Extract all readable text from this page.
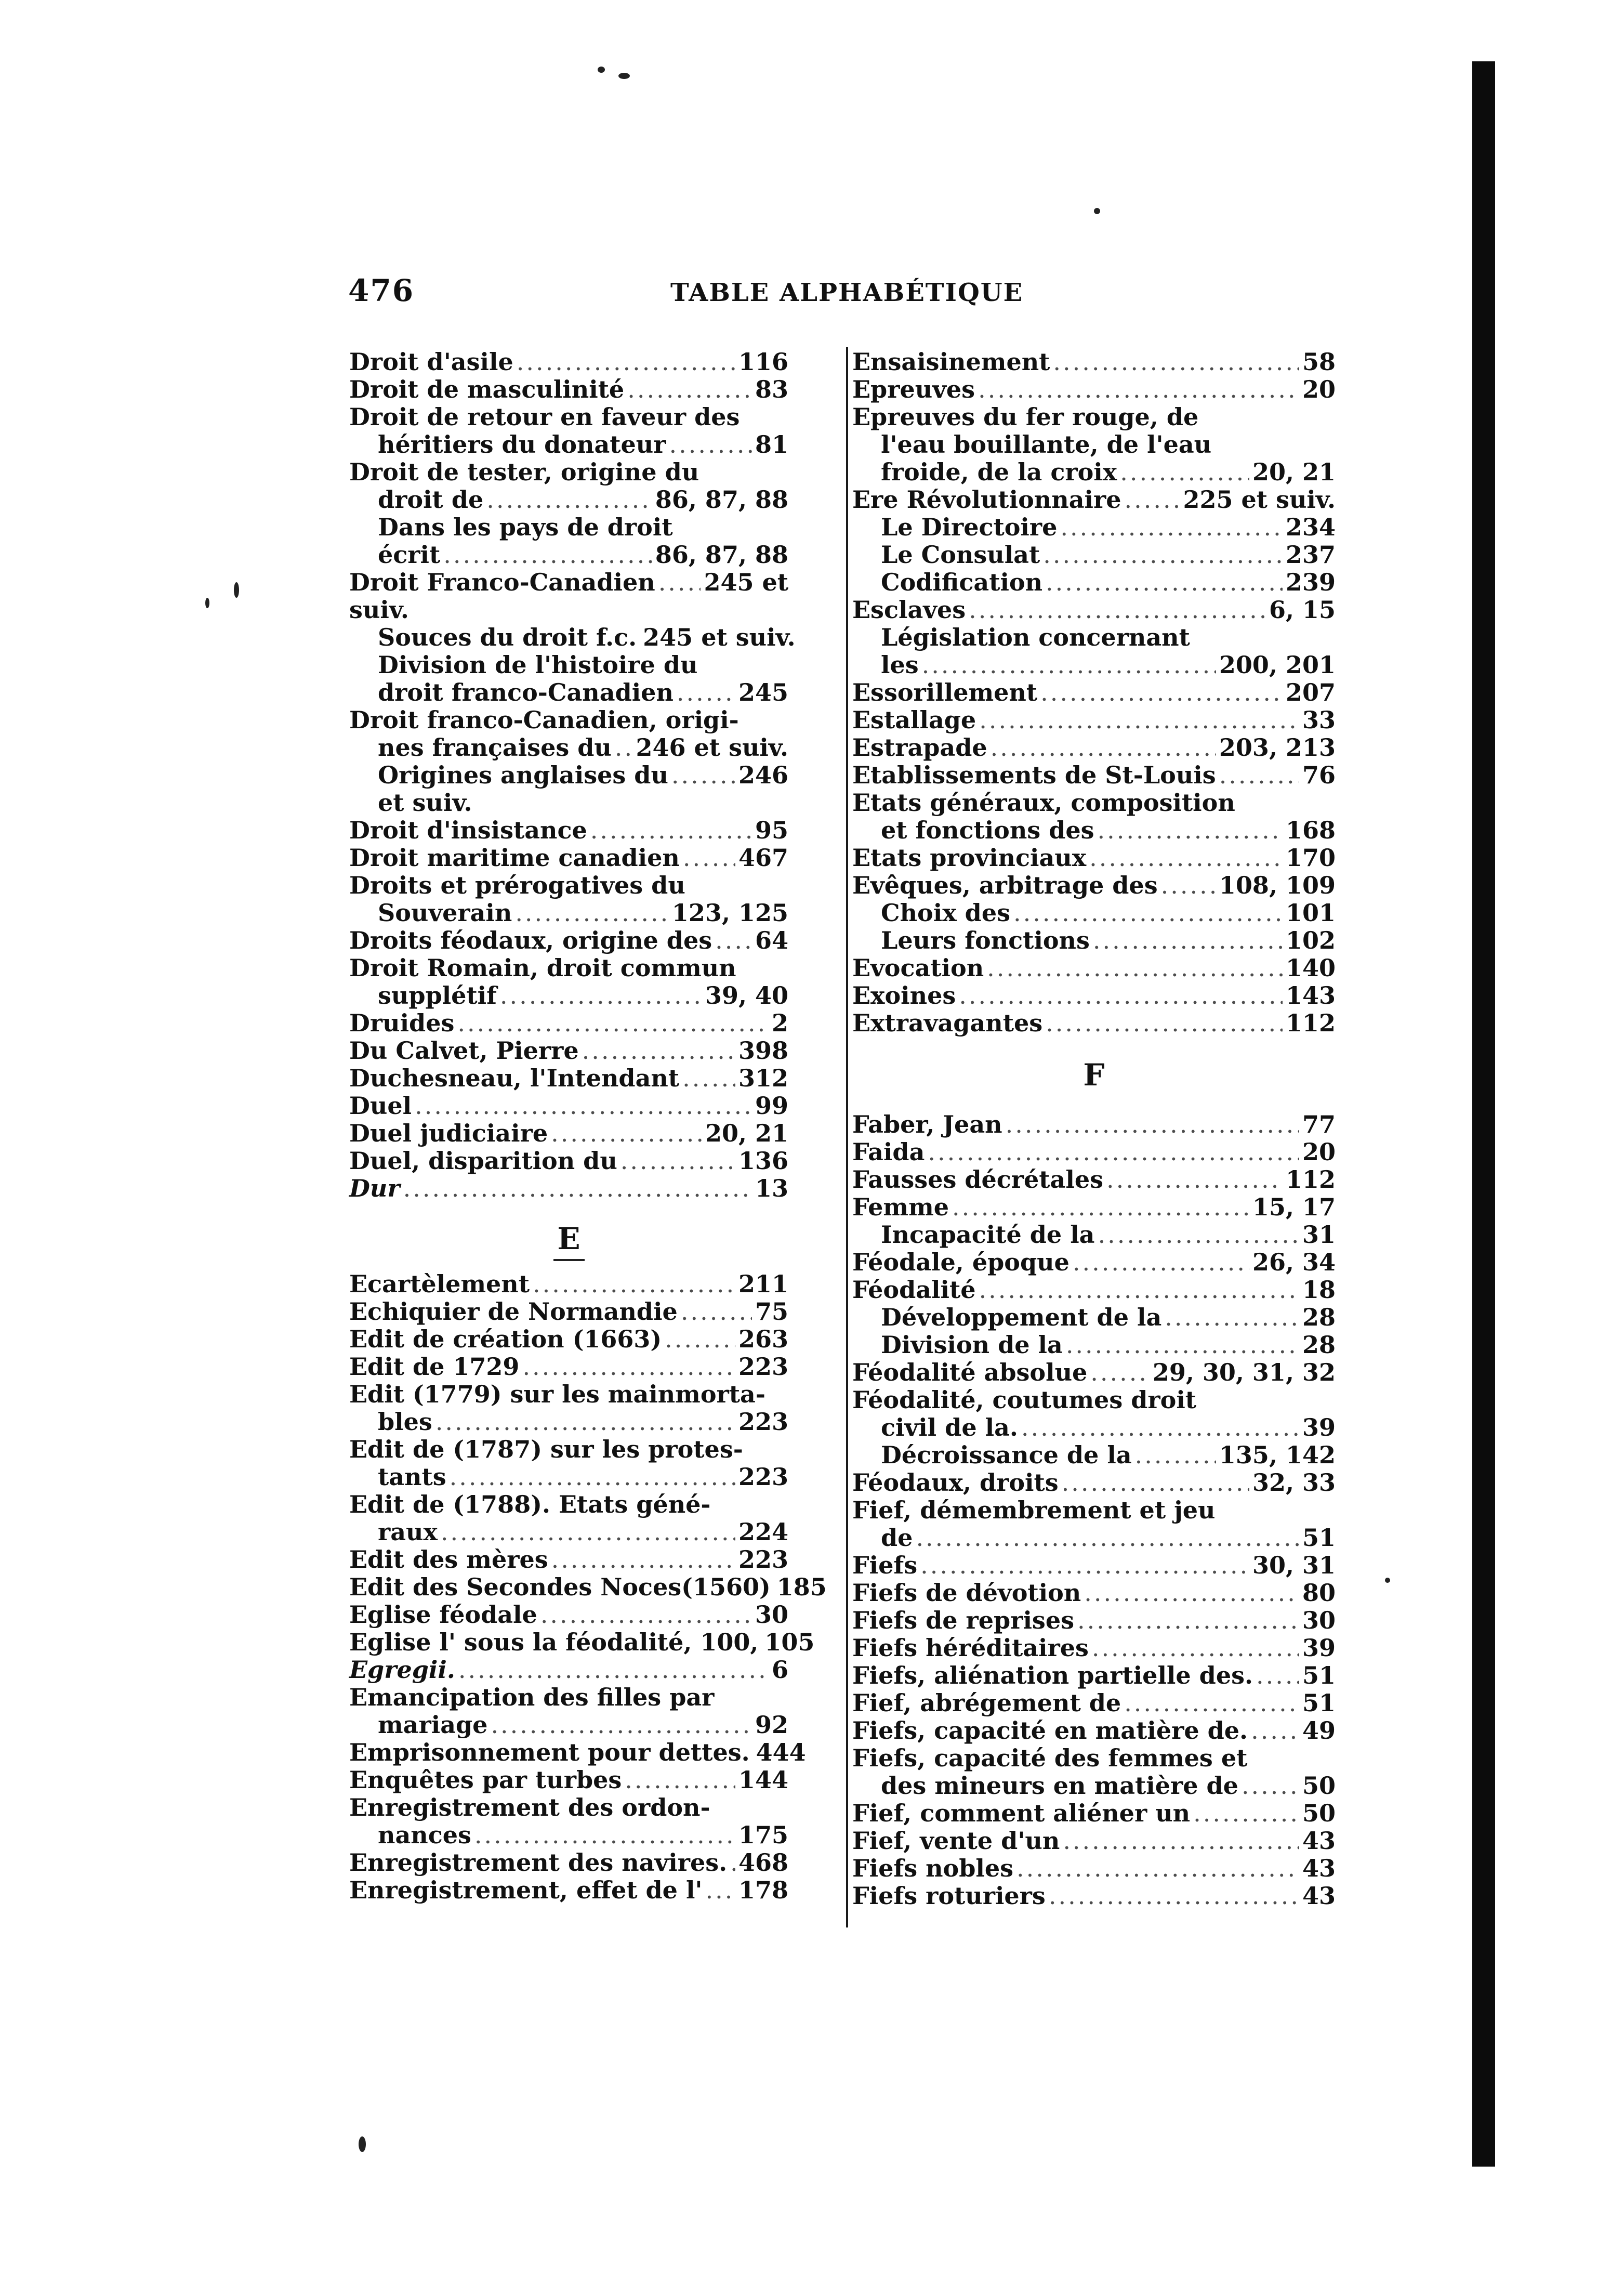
476	TABLE ALPHABÉTIQUE
Droit d'asile .....	116
Droit de masculinité .....	83
Droit de retour en faveur des
héritiers du donateur .....	81
Droit de tester, origine du
droit de .....	86, 87, 88
Dans les pays de droit
écrit .....	86, 87, 88
Droit Franco-Canadien ..... 245 et
suiv.
Souces du droit f.c. 245 et suiv.
Division de l'histoire du
droit franco-Canadien .....	245
Droit franco-Canadien, origi-
nes françaises du ..... 246 et suiv.
Origines anglaises du .....	246
et suiv.
Droit d'insistance .....	95
Droit maritime canadien ..... 467
Droits et prérogatives du
Souverain .....	123, 125
Droits féodaux, origine des ..... 64
Droit Romain, droit commun
supplétif .....	39, 40
Druides .....	2
Du Calvet, Pierre .....	398
Duchesneau, l'Intendant ..... 312
Duel .....	99
Duel judiciaire .....	20, 21
Duel, disparition du .....	136
Dur .....	13
E
Ecartèlement .....	211
Echiquier de Normandie .....	75
Edit de création (1663) .....	263
Edit de 1729 .....	223
Edit (1779) sur les mainmorta-
bles .....	223
Edit de (1787) sur les protes-
tants .....	223
Edit de (1788). Etats géné-
raux .....	224
Edit des mères .....	223
Edit des Secondes Noces(1560) 185
Eglise féodale .....	30
Eglise l' sous la féodalité, 100, 105
Egregii. .....	6
Emancipation des filles par
mariage .....	92
Emprisonnement pour dettes. 444
Enquêtes par turbes .....	144
Enregistrement des ordon-
nances .....	175
Enregistrement des navires. ..... 468
Enregistrement, effet de l' ..... 178
Ensaisinement .....	58
Epreuves .....	20
Epreuves du fer rouge, de
l'eau bouillante, de l'eau
froide, de la croix .....	20, 21
Ere Révolutionnaire .....	225 et suiv.
Le Directoire .....	234
Le Consulat .....	237
Codification .....	239
Esclaves .....	6, 15
Législation concernant
les .....	200, 201
Essorillement .....	207
Estallage .....	33
Estrapade .....	203, 213
Etablissements de St-Louis .....	76
Etats généraux, composition
et fonctions des .....	168
Etats provinciaux .....	170
Evêques, arbitrage des .....	108, 109
Choix des .....	101
Leurs fonctions .....	102
Evocation .....	140
Exoines .....	143
Extravagantes .....	112
F
Faber, Jean .....	77
Faida .....	20
Fausses décrétales .....	112
Femme .....	15, 17
Incapacité de la .....	31
Féodale, époque .....	26, 34
Féodalité .....	18
Développement de la .....	28
Division de la .....	28
Féodalité absolue .....	29, 30, 31, 32
Féodalité, coutumes droit
civil de la. .....	39
Décroissance de la .....	135, 142
Féodaux, droits .....	32, 33
Fief, démembrement et jeu
de .....	51
Fiefs .....	30, 31
Fiefs de dévotion .....	80
Fiefs de reprises .....	30
Fiefs héréditaires .....	39
Fiefs, aliénation partielle des. ..... 51
Fief, abrégement de .....	51
Fiefs, capacité en matière de. ..... 49
Fiefs, capacité des femmes et
des mineurs en matière de .....	50
Fief, comment aliéner un .....	50
Fief, vente d'un .....	43
Fiefs nobles .....	43
Fiefs roturiers .....	43
